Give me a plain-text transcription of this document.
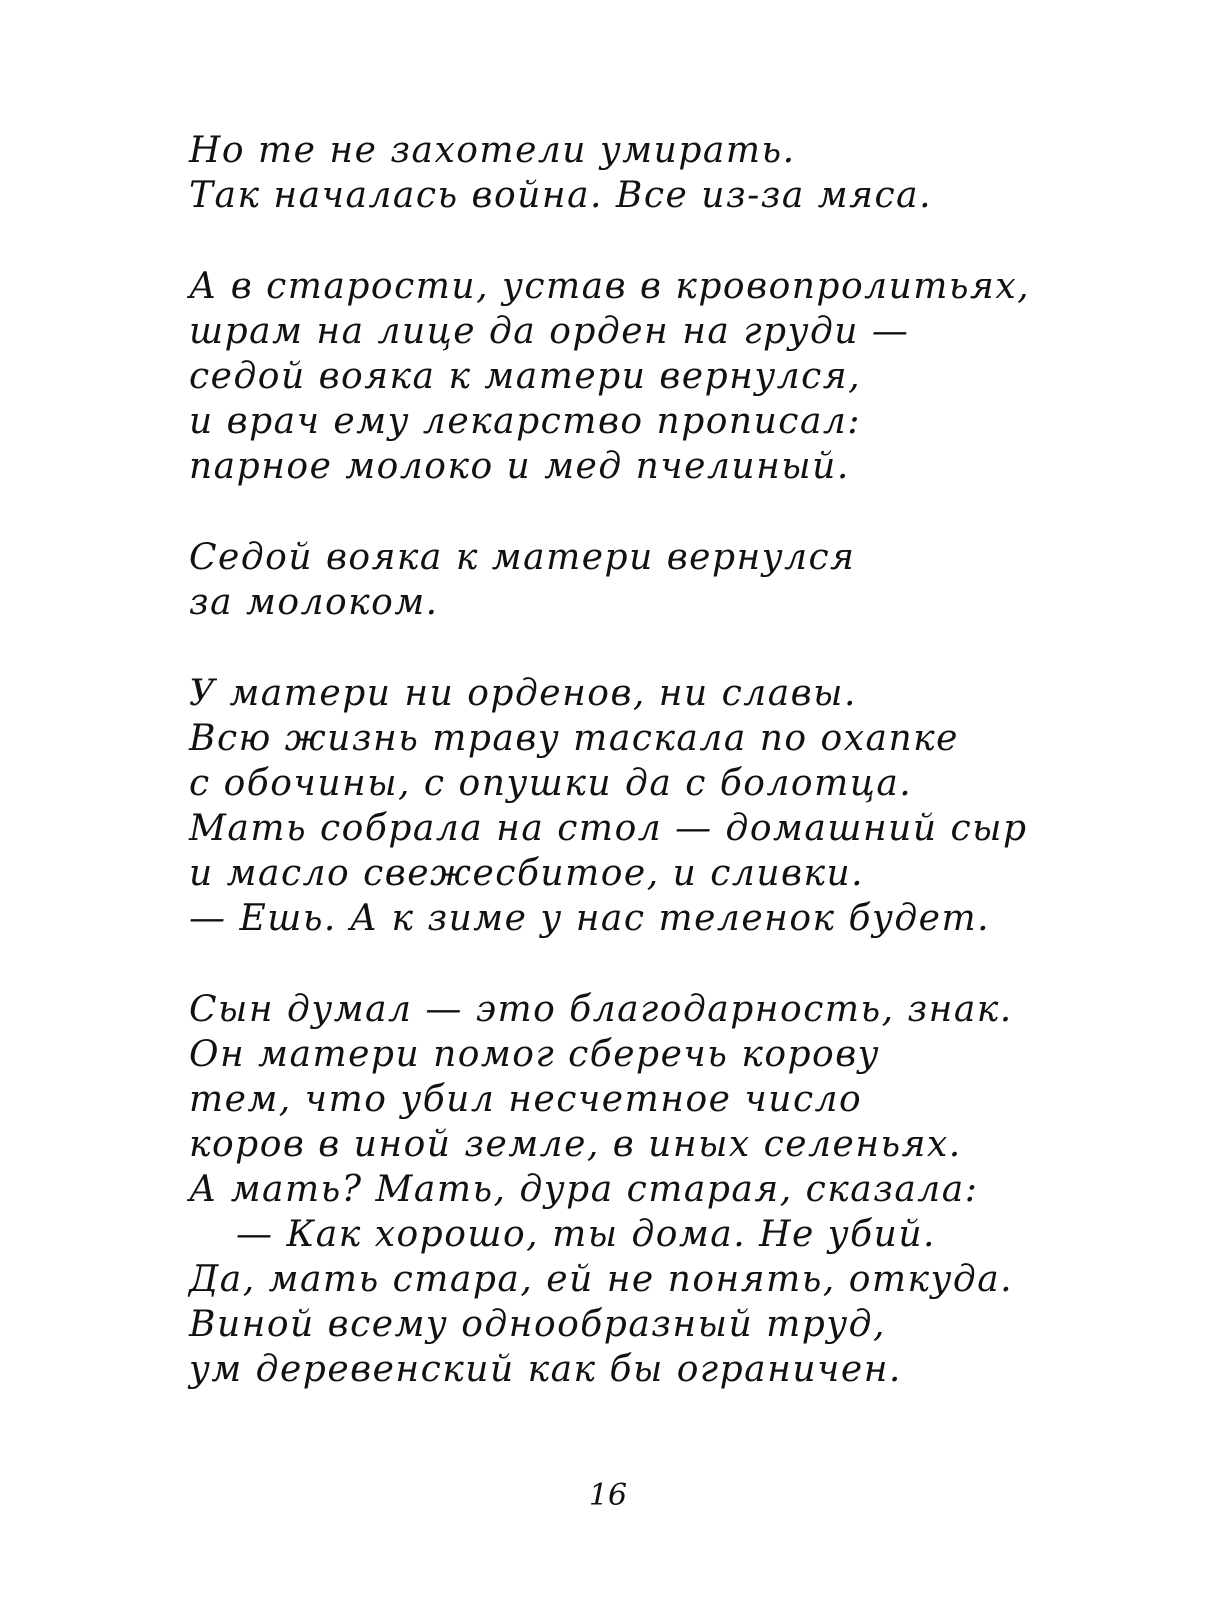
Но те не захотели умирать.
Так началась война. Все из-за мяса.
А в старости, устав в кровопролитьях,
шрам на лице да орден на груди —
седой вояка к матери вернулся,
и врач ему лекарство прописал:
парное молоко и мед пчелиный.
Седой вояка к матери вернулся
за молоком.
У матери ни орденов, ни славы.
Всю жизнь траву таскала по охапке
с обочины, с опушки да с болотца.
Мать собрала на стол — домашний сыр
и масло свежесбитое, и сливки.
— Ешь. А к зиме у нас теленок будет.
Сын думал — это благодарность, знак.
Он матери помог сберечь корову
тем, что убил несчетное число
коров в иной земле, в иных селеньях.
А мать? Мать, дура старая, сказала:
— Как хорошо, ты дома. Не убий.
Да, мать стара, ей не понять, откуда.
Виной всему однообразный труд,
ум деревенский как бы ограничен.
16
